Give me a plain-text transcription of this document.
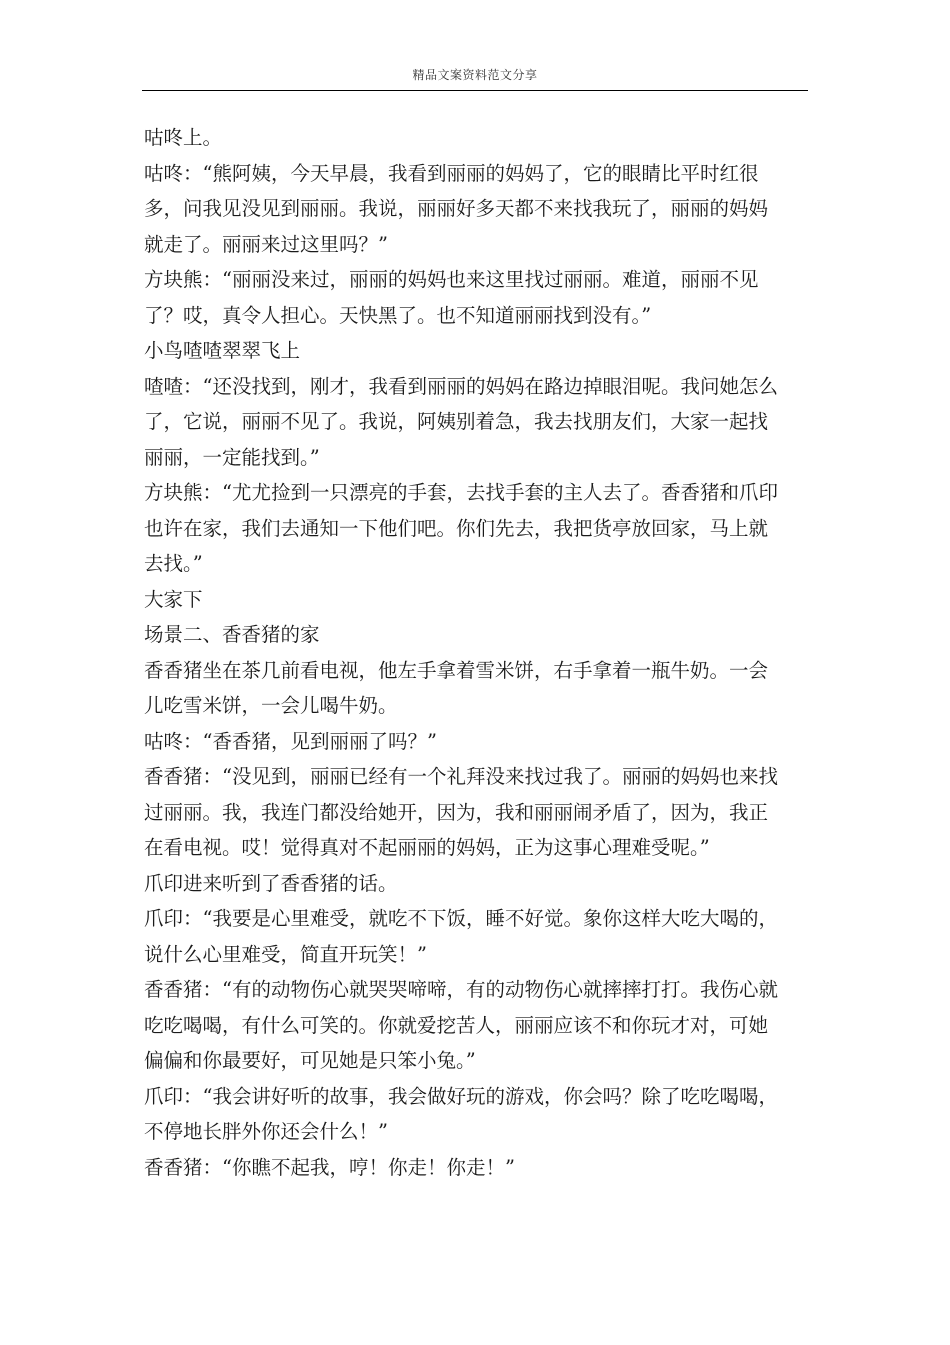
精品文案资料范文分享

咕咚上。

咕咚：“熊阿姨，今天早晨，我看到丽丽的妈妈了，它的眼睛比平时红很多，问我见没见到丽丽。我说，丽丽好多天都不来找我玩了，丽丽的妈妈就走了。丽丽来过这里吗？”

方块熊：“丽丽没来过，丽丽的妈妈也来这里找过丽丽。难道，丽丽不见了？哎，真令人担心。天快黑了。也不知道丽丽找到没有。”

小鸟喳喳翠翠飞上

喳喳：“还没找到，刚才，我看到丽丽的妈妈在路边掉眼泪呢。我问她怎么了，它说，丽丽不见了。我说，阿姨别着急，我去找朋友们，大家一起找丽丽，一定能找到。”

方块熊：“尤尤捡到一只漂亮的手套，去找手套的主人去了。香香猪和爪印也许在家，我们去通知一下他们吧。你们先去，我把货亭放回家，马上就去找。”

大家下

场景二、香香猪的家

香香猪坐在茶几前看电视，他左手拿着雪米饼，右手拿着一瓶牛奶。一会儿吃雪米饼，一会儿喝牛奶。

咕咚：“香香猪，见到丽丽了吗？”

香香猪：“没见到，丽丽已经有一个礼拜没来找过我了。丽丽的妈妈也来找过丽丽。我，我连门都没给她开，因为，我和丽丽闹矛盾了，因为，我正在看电视。哎！觉得真对不起丽丽的妈妈，正为这事心理难受呢。”

爪印进来听到了香香猪的话。

爪印：“我要是心里难受，就吃不下饭，睡不好觉。象你这样大吃大喝的，说什么心里难受，简直开玩笑！”

香香猪：“有的动物伤心就哭哭啼啼，有的动物伤心就摔摔打打。我伤心就吃吃喝喝，有什么可笑的。你就爱挖苦人，丽丽应该不和你玩才对，可她偏偏和你最要好，可见她是只笨小兔。”

爪印：“我会讲好听的故事，我会做好玩的游戏，你会吗？除了吃吃喝喝，不停地长胖外你还会什么！”

香香猪：“你瞧不起我，哼！你走！你走！”
